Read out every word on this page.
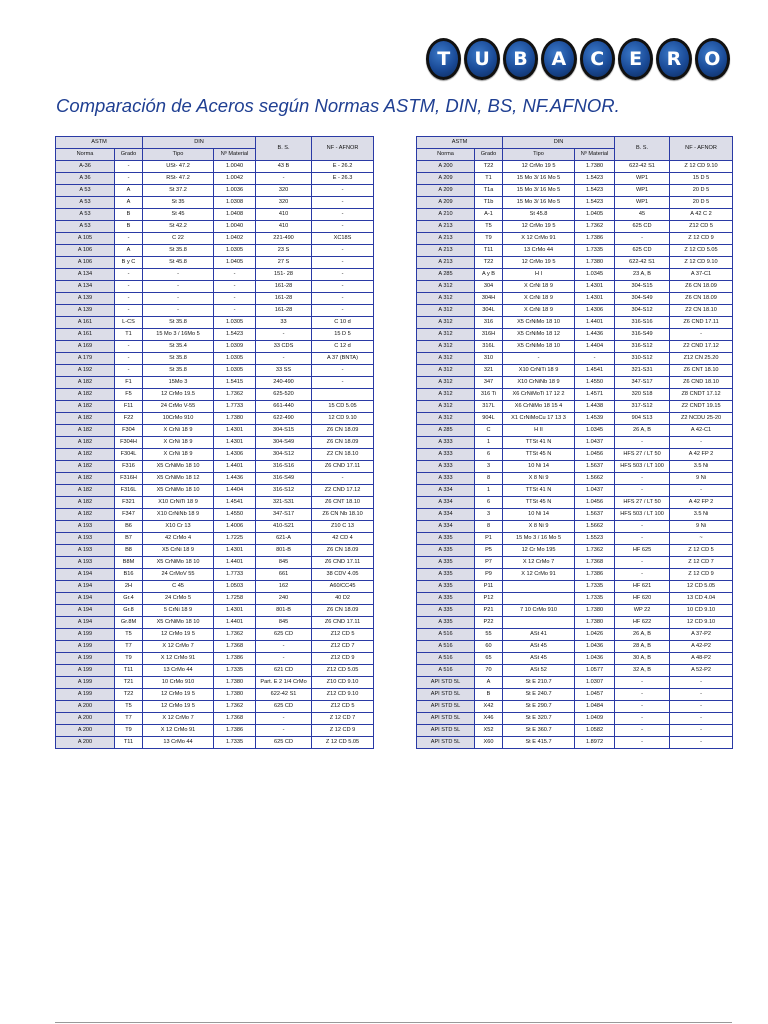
T	U	B	A	C	E	R	O
Comparación de Aceros según Normas ASTM, DIN, BS, NF.AFNOR.
ASTM		DIN		B. S.	NF - AFNOR
Norma	Grado	Tipo	Nº Material		
A-36	-	USt- 47.2	1.0040	43 B	E - 26.2
A 36	-	RSt- 47.2	1.0042	-	E - 26.3
A 53	A	St 37.2	1.0036	320	-
A 53	A	St 35	1.0308	320	-
A 53	B	St 45	1.0408	410	-
A 53	B	St 42.2	1.0040	410	-
A 105	-	C 22	1.0402	221-490	XC18S
A 106	A	St 35.8	1.0305	23 S	-
A 106	B y C	St 45.8	1.0405	27 S	-
A 134	-	-	-	151- 28	-
A 134	-	-	-	161-28	-
A 139	-	-	-	161-28	-
A 139	-	-	-	161-28	-
A 161	L-CS	St 35.8	1.0305	33	C 10 d
A 161	T1	15 Mo 3 / 16Mo 5	1.5423	-	15 D 5
A 169	-	St 35.4	1.0309	33 CDS	C 12 d
A 179	-	St 35.8	1.0305	-	A 37 (BNTA)
A 192	-	St 35.8	1.0305	33 SS	-
A 182	F1	15Mo 3	1.5415	240-490	-
A 182	F5	12 CrMo 19.5	1.7362	625-520	
A 182	F11	24 CrMo V-55	1.7733	661-440	15 CD 5.05
A 182	F22	10CrMo 910	1.7380	622-490	12 CD 9.10
A 182	F304	X CrNi 18 9	1.4301	304-S15	Z6 CN 18.09
A 182	F304H	X CrNi 18 9	1.4301	304-S49	Z6 CN 18.09
A 182	F304L	X CrNi 18 9	1.4306	304-S12	Z2 CN 18.10
A 182	F316	X5 CrNiMo 18 10	1.4401	316-S16	Z6 CND 17.11
A 182	F316H	X5 CrNiMo 18 12	1.4436	316-S49	-
A 182	F316L	X5 CrNiMo 18 10	1.4404	316-S12	Z2 CND 17.12
A 182	F321	X10 CrNiTi 18 9	1.4541	321-S31	Z6 CNT 18.10
A 182	F347	X10 CrNiNb 18 9	1.4550	347-S17	Z6 CN Nb 18.10
A 193	B6	X10 Cr 13	1.4006	410-S21	Z10 C 13
A 193	B7	42 CrMo 4	1.7225	621-A	42 CD 4
A 193	B8	X5 CrNi 18 9	1.4301	801-B	Z6 CN 18.09
A 193	B8M	X5 CrNiMo 18 10	1.4401	845	Z6 CND 17.11
A 194	B16	24 CrMoV 55	1.7733	661	38 CDV 4.05
A 194	2H	C 45	1.0503	162	A60/CC45
A 194	Gr.4	24 CrMo 5	1.7258	240	40 D2
A 194	Gr.8	5 CrNi 18 9	1.4301	801-B	Z6 CN 18.09
A 194	Gr.8M	X5 CrNiMo 18 10	1.4401	845	Z6 CND 17.11
A 199	T5	12 CrMo 19 5	1.7362	625 CD	Z12 CD 5
A 199	T7	X 12 CrMo 7	1.7368	-	Z12 CD 7
A 199	T9	X 12 CrMo 91	1.7386	-	Z12 CD 9
A 199	T11	13 CrMo 44	1.7335	621 CD	Z12 CD 5.05
A 199	T21	10 CrMo 910	1.7380	Part. E 2 1/4 CrMo	Z10 CD 9.10
A 199	T22	12 CrMo 19 5	1.7380	622-42 S1	Z12 CD 9.10
A 200	T5	12 CrMo 19 5	1.7362	625 CD	Z12 CD 5
A 200	T7	X 12 CrMo 7	1.7368	-	Z 12 CD 7
A 200	T9	X 12 CrMo 91	1.7386	-	Z 12 CD 9
A 200	T11	13 CrMo 44	1.7335	625 CD	Z 12 CD 5.05
ASTM		DIN		B. S.	NF - AFNOR
Norma	Grado	Tipo	Nº Material		
A 200	T22	12 CrMo 19 5	1.7380	622-42 S1	Z 12 CD 9.10
A 209	T1	15 Mo 3/ 16 Mo 5	1.5423	WP1	15 D 5
A 209	T1a	15 Mo 3/ 16 Mo 5	1.5423	WP1	20 D 5
A 209	T1b	15 Mo 3/ 16 Mo 5	1.5423	WP1	20 D 5
A 210	A-1	St 45.8	1.0405	45	A 42 C 2
A 213	T5	12 CrMo 19 5	1.7362	625 CD	Z12 CD 5
A 213	T9	X 12 CrMo 91	1.7386	-	Z 12 CD 9
A 213	T11	13 CrMo 44	1.7335	625 CD	Z 12 CD 5.05
A 213	T22	12 CrMo 19 5	1.7380	622-42 S1	Z 12 CD 9.10
A 285	A y B	H I	1.0345	23 A, B	A 37-C1
A 312	304	X CrNi 18 9	1.4301	304-S15	Z6 CN 18.09
A 312	304H	X CrNi 18 9	1.4301	304-S49	Z6 CN 18.09
A 312	304L	X CrNi 18 9	1.4306	304-S12	Z2 CN 18.10
A 312	316	X5 CrNiMo 18 10	1.4401	316-S16	Z6 CND 17.11
A 312	316H	X5 CrNiMo 18 12	1.4436	316-S49	-
A 312	316L	X5 CrNiMo 18 10	1.4404	316-S12	Z2 CND 17.12
A 312	310	-	-	310-S12	Z12 CN 25.20
A 312	321	X10 CrNiTi 18 9	1.4541	321-S31	Z6 CNT 18.10
A 312	347	X10 CrNiNb 18 9	1.4550	347-S17	Z6 CND 18.10
A 312	316 Ti	X6 CrNiMoTi 17 12 2	1.4571	320 S18	Z8 CNDT 17.12
A 312	317L	X6 CrNiMo 18 15 4	1.4438	317-S12	Z2 CNDT 19.15
A 312	904L	X1 CrNiMoCu 17 13 3	1.4539	904 S13	Z2 NCDU 25-20
A 285	C	H II	1.0345	26 A, B	A 42-C1
A 333	1	TTSt 41 N	1.0437	-	-
A 333	6	TTSt 45 N	1.0456	HFS 27 / LT 50	A 42 FP 2
A 333	3	10 Ni 14	1.5637	HFS 503 / LT 100	3.5 Ni
A 333	8	X 8 Ni 9	1.5662	-	9 Ni
A 334	1	TTSt 41 N	1.0437	-	-
A 334	6	TTSt 45 N	1.0456	HFS 27 / LT 50	A 42 FP 2
A 334	3	10 Ni 14	1.5637	HFS 503 / LT 100	3.5 Ni
A 334	8	X 8 Ni 9	1.5662	-	9 Ni
A 335	P1	15 Mo 3 / 16 Mo 5	1.5523	-	~
A 335	P5	12 Cr Mo 195	1.7362	HF 625	Z 12 CD 5
A 335	P7	X 12 CrMo 7	1.7368	-	Z 12 CD 7
A 335	P9	X 12 CrMo 91	1.7386	-	Z 12 CD 9
A 335	P11		1.7335	HF 621	12 CD 5.05
A 335	P12		1.7335	HF 620	13 CD 4.04
A 335	P21	7 10 CrMo 910	1.7380	WP 22	10 CD 9.10
A 335	P22		1.7380	HF 622	12 CD 9.10
A 516	55	ASt 41	1.0426	26 A, B	A 37-P2
A 516	60	ASt 45	1.0436	28 A, B	A 42-P2
A 516	65	ASt 45	1.0436	30 A, B	A 48-P2
A 516	70	ASt 52	1.0577	32 A, B	A 52-P2
API STD 5L	A	St E 210.7	1.0307	-	-
API STD 5L	B	St E 240.7	1.0457	-	-
API STD 5L	X42	St E 290.7	1.0484	-	-
API STD 5L	X46	St E 320.7	1.0409	-	-
API STD 5L	X52	St E 360.7	1.0582	-	-
API STD 5L	X60	St E 415.7	1.8972	-	-
